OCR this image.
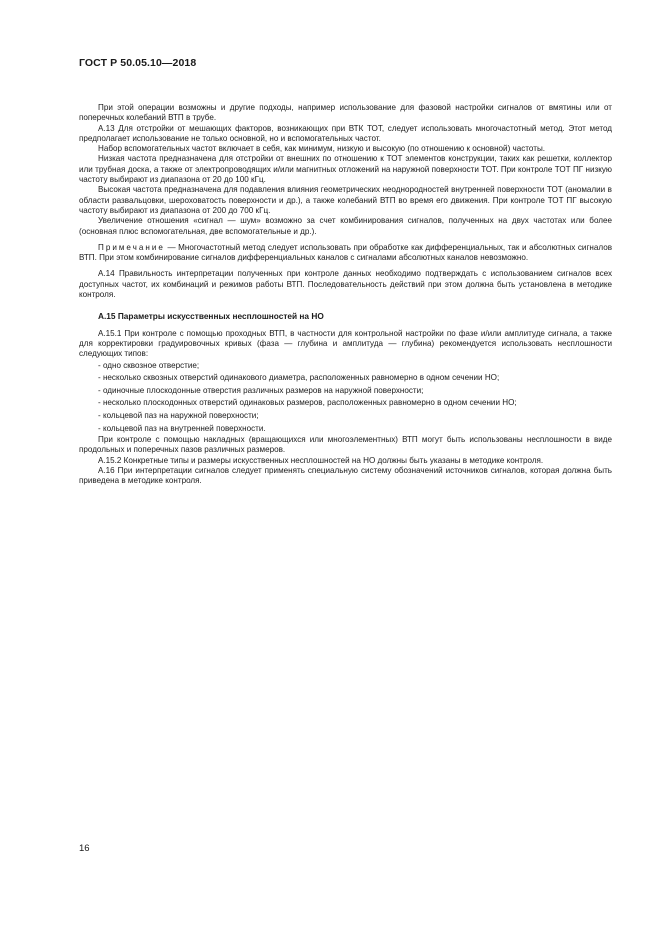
ГОСТ Р 50.05.10—2018

При этой операции возможны и другие подходы, например использование для фазовой настройки сигналов от вмятины или от поперечных колебаний ВТП в трубе.

А.13 Для отстройки от мешающих факторов, возникающих при ВТК ТОТ, следует использовать многочастотный метод. Этот метод предполагает использование не только основной, но и вспомогательных частот.

Набор вспомогательных частот включает в себя, как минимум, низкую и высокую (по отношению к основной) частоты.

Низкая частота предназначена для отстройки от внешних по отношению к ТОТ элементов конструкции, таких как решетки, коллектор или трубная доска, а также от электропроводящих и/или магнитных отложений на наружной поверхности ТОТ. При контроле ТОТ ПГ низкую частоту выбирают из диапазона от 20 до 100 кГц.

Высокая частота предназначена для подавления влияния геометрических неоднородностей внутренней поверхности ТОТ (аномалии в области развальцовки, шероховатость поверхности и др.), а также колебаний ВТП во время его движения. При контроле ТОТ ПГ высокую частоту выбирают из диапазона от 200 до 700 кГц.

Увеличение отношения «сигнал — шум» возможно за счет комбинирования сигналов, полученных на двух частотах или более (основная плюс вспомогательная, две вспомогательные и др.).

Примечание — Многочастотный метод следует использовать при обработке как дифференциальных, так и абсолютных сигналов ВТП. При этом комбинирование сигналов дифференциальных каналов с сигналами абсолютных каналов невозможно.

А.14 Правильность интерпретации полученных при контроле данных необходимо подтверждать с использованием сигналов всех доступных частот, их комбинаций и режимов работы ВТП. Последовательность действий при этом должна быть установлена в методике контроля.

А.15 Параметры искусственных несплошностей на НО

А.15.1 При контроле с помощью проходных ВТП, в частности для контрольной настройки по фазе и/или амплитуде сигнала, а также для корректировки градуировочных кривых (фаза — глубина и амплитуда — глубина) рекомендуется использовать несплошности следующих типов:

- одно сквозное отверстие;

- несколько сквозных отверстий одинакового диаметра, расположенных равномерно в одном сечении НО;

- одиночные плоскодонные отверстия различных размеров на наружной поверхности;

- несколько плоскодонных отверстий одинаковых размеров, расположенных равномерно в одном сечении НО;

- кольцевой паз на наружной поверхности;

- кольцевой паз на внутренней поверхности.

При контроле с помощью накладных (вращающихся или многоэлементных) ВТП могут быть использованы несплошности в виде продольных и поперечных пазов различных размеров.

А.15.2 Конкретные типы и размеры искусственных несплошностей на НО должны быть указаны в методике контроля.

А.16 При интерпретации сигналов следует применять специальную систему обозначений источников сигналов, которая должна быть приведена в методике контроля.

16
